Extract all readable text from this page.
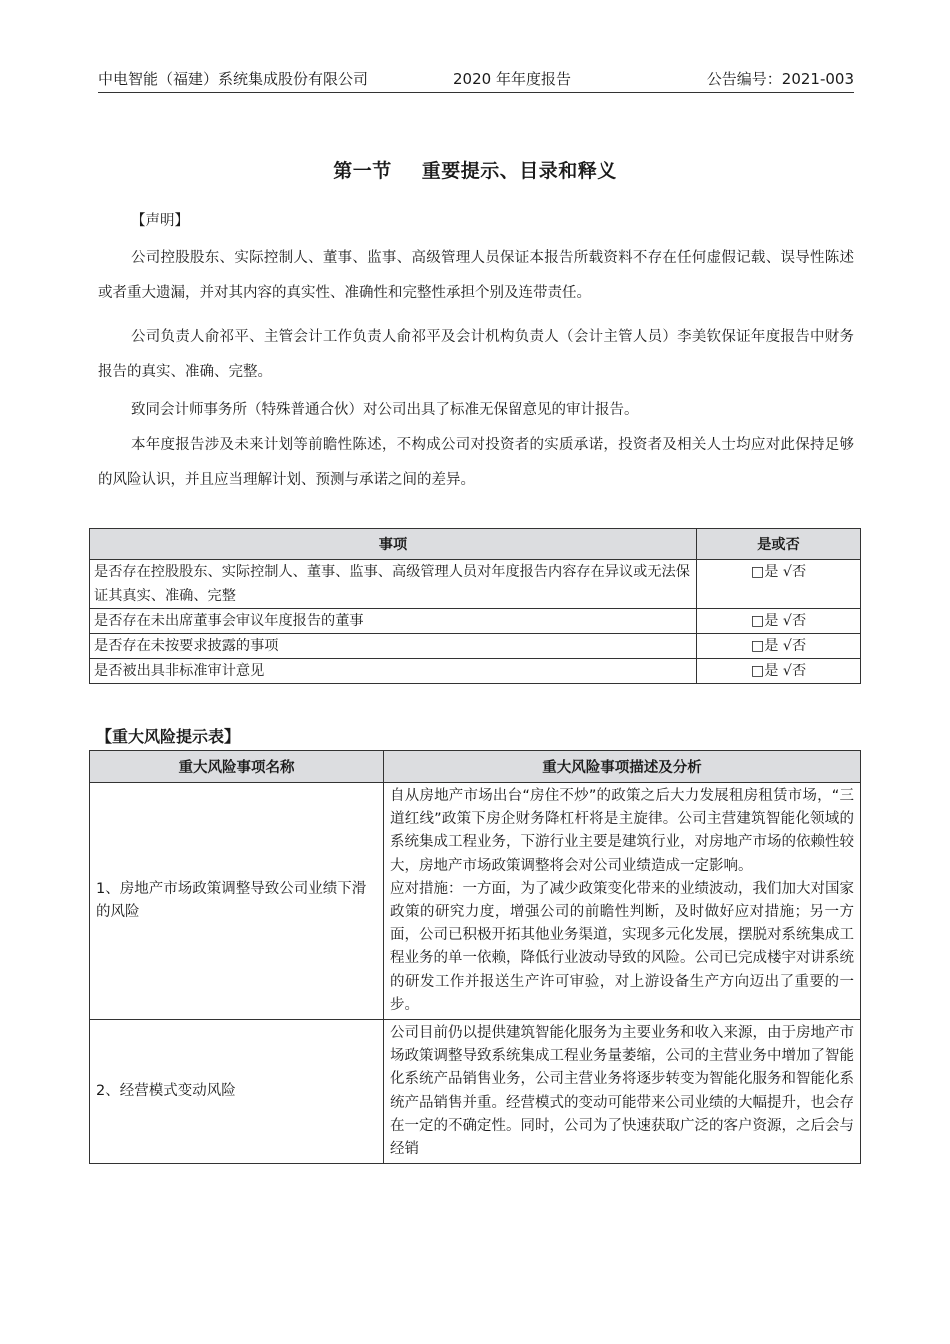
中电智能（福建）系统集成股份有限公司	2020 年年度报告	公告编号：2021-003
第一节 重要提示、目录和释义

【声明】

公司控股股东、实际控制人、董事、监事、高级管理人员保证本报告所载资料不存在任何虚假记载、误导性陈述或者重大遗漏，并对其内容的真实性、准确性和完整性承担个别及连带责任。

公司负责人俞祁平、主管会计工作负责人俞祁平及会计机构负责人（会计主管人员）李美钦保证年度报告中财务报告的真实、准确、完整。

致同会计师事务所（特殊普通合伙）对公司出具了标准无保留意见的审计报告。

本年度报告涉及未来计划等前瞻性陈述，不构成公司对投资者的实质承诺，投资者及相关人士均应对此保持足够的风险认识，并且应当理解计划、预测与承诺之间的差异。

事项	是或否
是否存在控股股东、实际控制人、董事、监事、高级管理人员对年度报告内容存在异议或无法保证其真实、准确、完整	□是 √否
是否存在未出席董事会审议年度报告的董事	□是 √否
是否存在未按要求披露的事项	□是 √否
是否被出具非标准审计意见	□是 √否
【重大风险提示表】
重大风险事项名称	重大风险事项描述及分析
1、房地产市场政策调整导致公司业绩下滑的风险	自从房地产市场出台“房住不炒”的政策之后大力发展租房租赁市场，“三道红线”政策下房企财务降杠杆将是主旋律。公司主营建筑智能化领域的系统集成工程业务，下游行业主要是建筑行业，对房地产市场的依赖性较大，房地产市场政策调整将会对公司业绩造成一定影响。
应对措施：一方面，为了减少政策变化带来的业绩波动，我们加大对国家政策的研究力度，增强公司的前瞻性判断，及时做好应对措施；另一方面，公司已积极开拓其他业务渠道，实现多元化发展，摆脱对系统集成工程业务的单一依赖，降低行业波动导致的风险。公司已完成楼宇对讲系统的研发工作并报送生产许可审验，对上游设备生产方向迈出了重要的一步。

2、经营模式变动风险	公司目前仍以提供建筑智能化服务为主要业务和收入来源，由于房地产市场政策调整导致系统集成工程业务量萎缩，公司的主营业务中增加了智能化系统产品销售业务，公司主营业务将逐步转变为智能化服务和智能化系统产品销售并重。经营模式的变动可能带来公司业绩的大幅提升，也会存在一定的不确定性。同时，公司为了快速获取广泛的客户资源，之后会与经销
